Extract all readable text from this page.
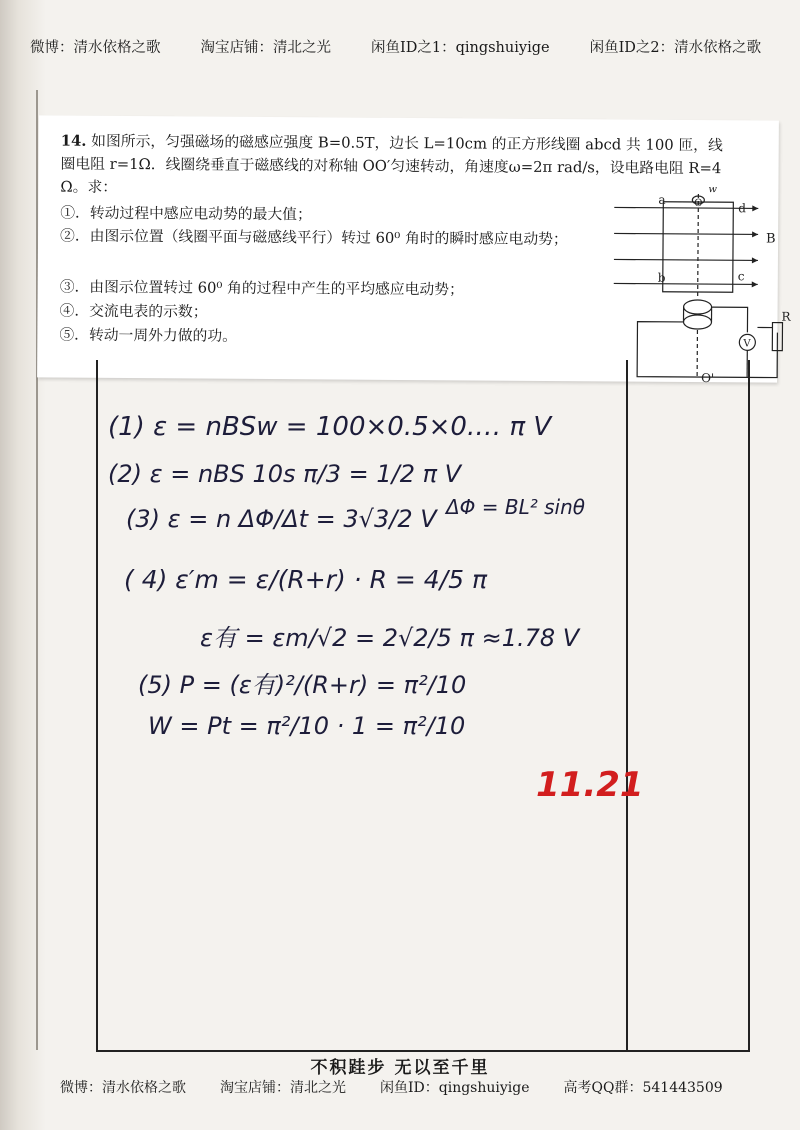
微博：清水依格之歌	淘宝店铺：清北之光	闲鱼ID之1：qingshuiyige	闲鱼ID之2：清水依格之歌
14. 如图所示，匀强磁场的磁感应强度 B=0.5T，边长 L=10cm 的正方形线圈 abcd 共 100 匝，线
圈电阻 r=1Ω．线圈绕垂直于磁感线的对称轴 OO′匀速转动，角速度ω=2π rad/s，设电路电阻 R=4
Ω。求：
①．转动过程中感应电动势的最大值；
②．由图示位置（线圈平面与磁感线平行）转过 60⁰ 角时的瞬时感应电动势；
③．由图示位置转过 60⁰ 角的过程中产生的平均感应电动势；
④．交流电表的示数；
⑤．转动一周外力做的功。
a
d
b	c
B
O
w
O'
V
R
(1) ε = nBSw = 100×0.5×0.… π V
(2) ε = nBS 10s π/3 = 1/2 π V
(3) ε = n ΔΦ/Δt = 3√3/2 V ΔΦ = BL² sinθ
( 4) ε′m = ε/(R+r) · R = 4/5 π
ε有 = εm/√2 = 2√2/5 π ≈1.78 V
(5) P = (ε有)²/(R+r) = π²/10
W = Pt = π²/10 · 1 = π²/10
11.21
不积跬步 无以至千里
微博：清水依格之歌 淘宝店铺：清北之光 闲鱼ID：qingshuiyige 高考QQ群：541443509
